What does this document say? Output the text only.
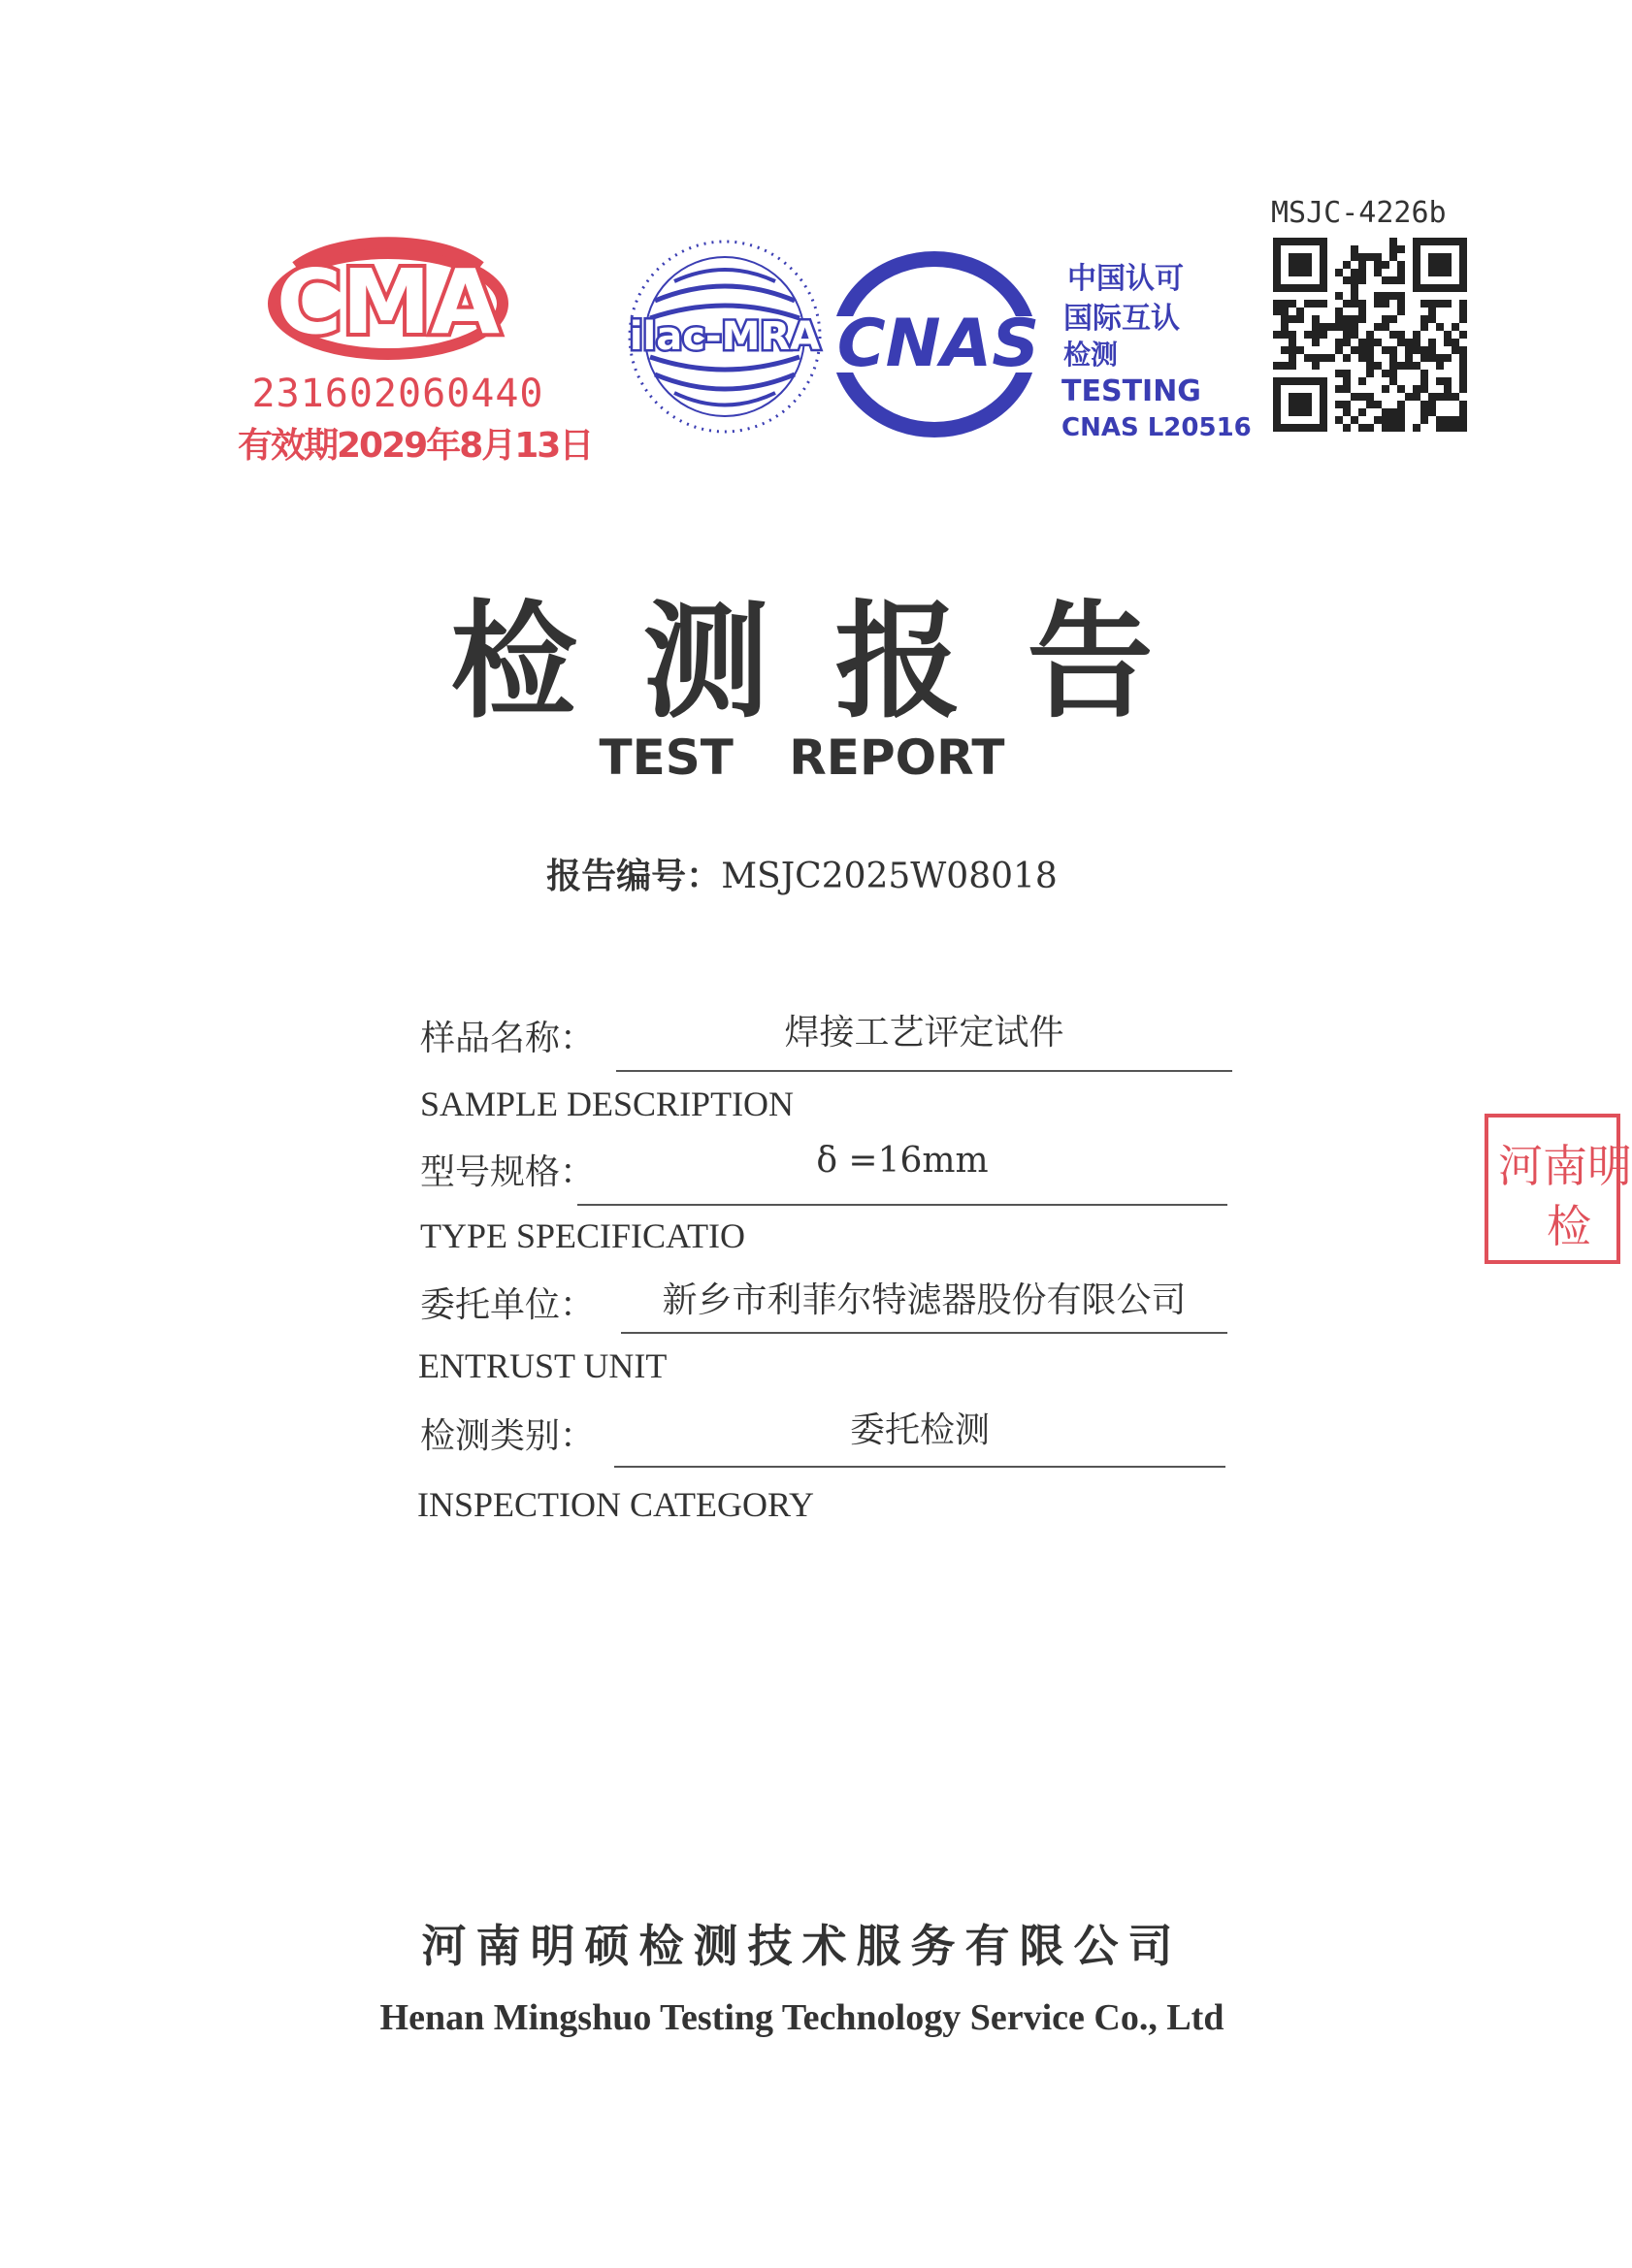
CMA
231602060440
有效期2029年8月13日
ilac-MRA CNAS
中国认可
国际互认
检测
TESTING
CNAS L20516
MSJC-4226b
检测报告
TEST REPORT
报告编号：MSJC2025W08018
样品名称：	焊接工艺评定试件
SAMPLE DESCRIPTION
型号规格：	δ =16mm
TYPE SPECIFICATIO
委托单位：	新乡市利菲尔特滤器股份有限公司
ENTRUST UNIT
检测类别：	委托检测
INSPECTION CATEGORY
河南明
检
河南明硕检测技术服务有限公司
Henan Mingshuo Testing Technology Service Co., Ltd
